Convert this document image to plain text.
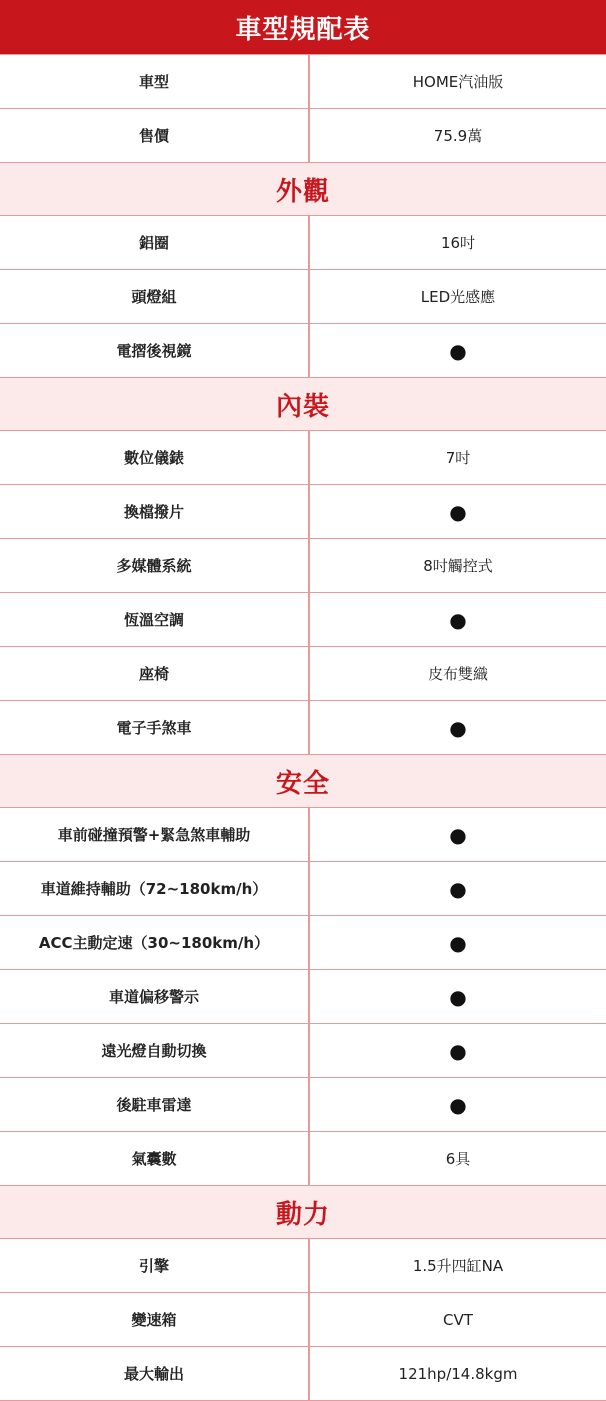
車型規配表
車型	HOME汽油版
售價	75.9萬
外觀
鋁圈	16吋
頭燈組	LED光感應
電摺後視鏡	●
內裝
數位儀錶	7吋
換檔撥片	●
多媒體系統	8吋觸控式
恆溫空調	●
座椅	皮布雙織
電子手煞車	●
安全
車前碰撞預警+緊急煞車輔助	●
車道維持輔助（72~180km/h）	●
ACC主動定速（30~180km/h）	●
車道偏移警示	●
遠光燈自動切換	●
後駐車雷達	●
氣囊數	6具
動力
引擎	1.5升四缸NA
變速箱	CVT
最大輸出	121hp/14.8kgm
